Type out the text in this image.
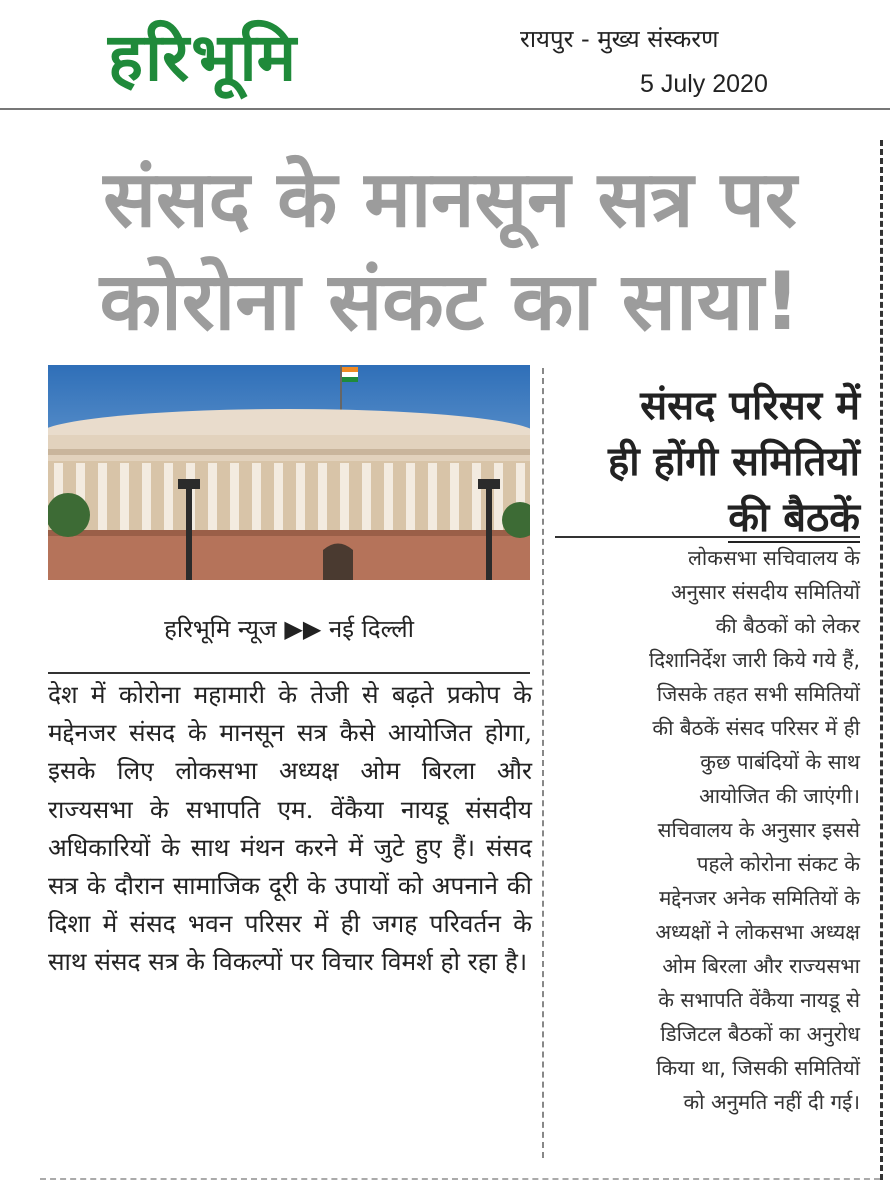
हरिभूमि	रायपुर - मुख्य संस्करण
5 July 2020
संसद के मानसून सत्र पर
कोरोना संकट का साया!
हरिभूमि न्यूज ▶▶ नई दिल्ली
देश में कोरोना महामारी के तेजी से बढ़ते प्रकोप के मद्देनजर संसद के मानसून सत्र कैसे आयोजित होगा, इसके लिए लोकसभा अध्यक्ष ओम बिरला और राज्यसभा के सभापति एम. वेंकैया नायडू संसदीय अधिकारियों के साथ मंथन करने में जुटे हुए हैं। संसद सत्र के दौरान सामाजिक दूरी के उपायों को अपनाने की दिशा में संसद भवन परिसर में ही जगह परिवर्तन के साथ संसद सत्र के विकल्पों पर विचार विमर्श हो रहा है।
संसद परिसर में
ही होंगी समितियों
की बैठकें
लोकसभा सचिवालय के
अनुसार संसदीय समितियों
की बैठकों को लेकर
दिशानिर्देश जारी किये गये हैं,
जिसके तहत सभी समितियों
की बैठकें संसद परिसर में ही
कुछ पाबंदियों के साथ
आयोजित की जाएंगी।
सचिवालय के अनुसार इससे
पहले कोरोना संकट के
मद्देनजर अनेक समितियों के
अध्यक्षों ने लोकसभा अध्यक्ष
ओम बिरला और राज्यसभा
के सभापति वेंकैया नायडू से
डिजिटल बैठकों का अनुरोध
किया था, जिसकी समितियों
को अनुमति नहीं दी गई।
